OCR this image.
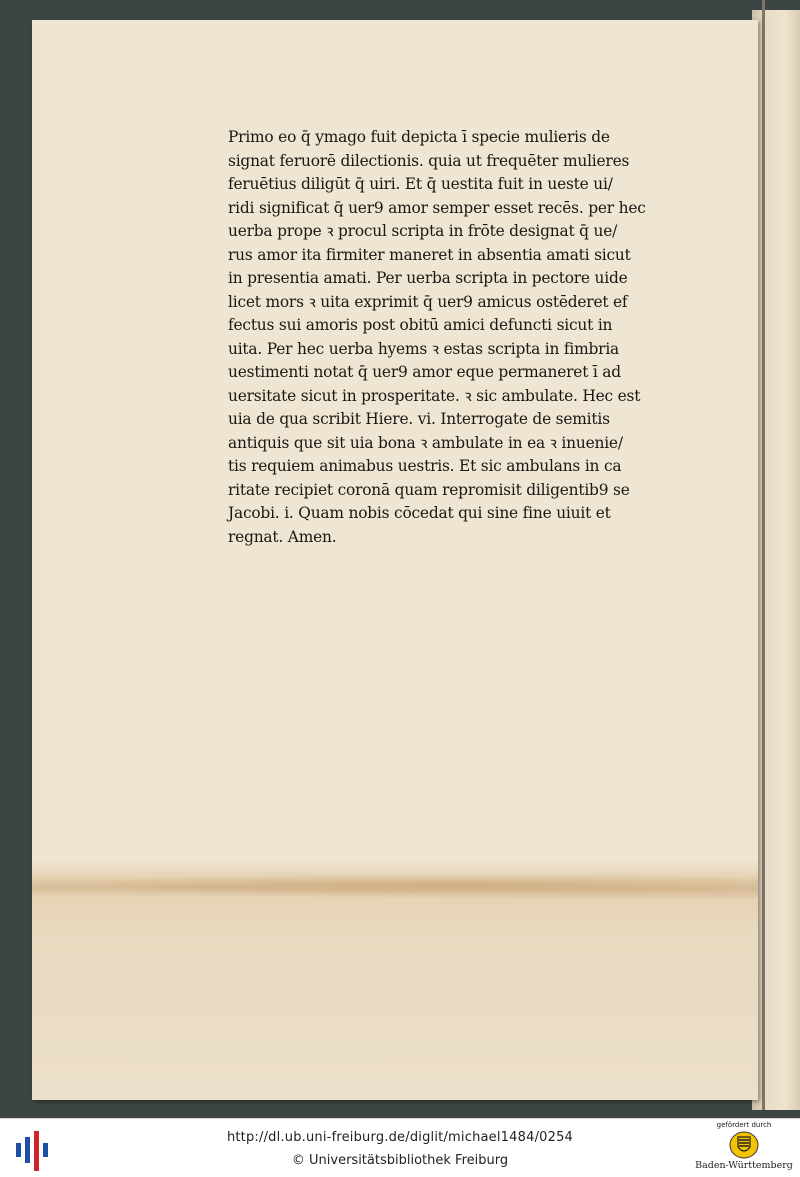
Primo eo q̄ ymago fuit depicta ī specie mulieris de
signat feruorē dilectionis. quia ut frequēter mulieres
feruētius diligūt q̄ uiri. Et q̄ uestita fuit in ueste ui/
ridi significat q̄ uer9 amor semper esset recēs. per hec
uerba prope ꝛ procul scripta in frōte designat q̄ ue/
rus amor ita firmiter maneret in absentia amati sicut
in presentia amati. Per uerba scripta in pectore uide
licet mors ꝛ uita exprimit q̄ uer9 amicus ostēderet ef
fectus sui amoris post obitū amici defuncti sicut in
uita. Per hec uerba hyems ꝛ estas scripta in fimbria
uestimenti notat q̄ uer9 amor eque permaneret ī ad
uersitate sicut in prosperitate. ꝛ sic ambulate. Hec est
uia de qua scribit Hiere. vi. Interrogate de semitis
antiquis que sit uia bona ꝛ ambulate in ea ꝛ inuenie/
tis requiem animabus uestris. Et sic ambulans in ca
ritate recipiet coronā quam repromisit diligentib9 se
Jacobi. i. Quam nobis cōcedat qui sine fine uiuit et
regnat. Amen.
http://dl.ub.uni-freiburg.de/diglit/michael1484/0254
© Universitätsbibliothek Freiburg
gefördert durch
Baden-Württemberg
